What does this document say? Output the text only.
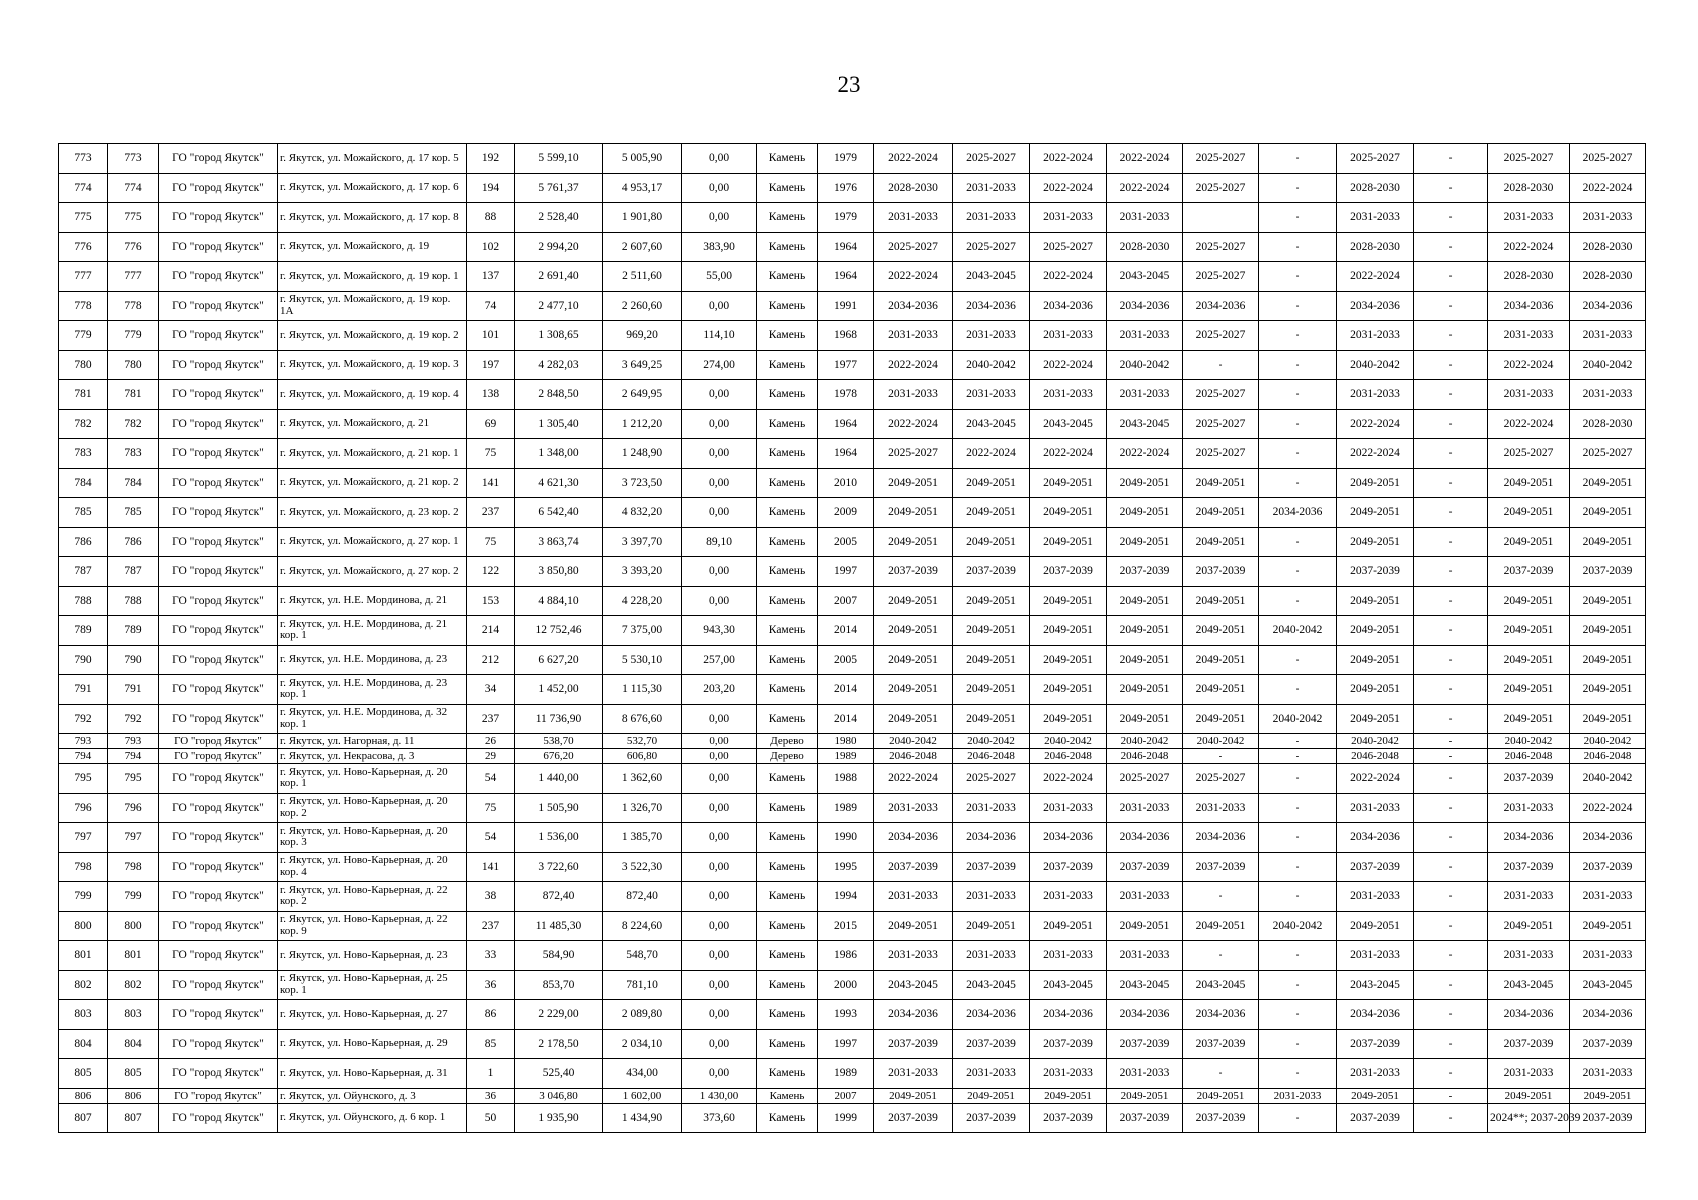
23
773	773	ГО "город Якутск"	г. Якутск, ул. Можайского, д. 17 кор. 5	192	5 599,10	5 005,90	0,00	Камень	1979	2022-2024	2025-2027	2022-2024	2022-2024	2025-2027	-	2025-2027	-	2025-2027	2025-2027
774	774	ГО "город Якутск"	г. Якутск, ул. Можайского, д. 17 кор. 6	194	5 761,37	4 953,17	0,00	Камень	1976	2028-2030	2031-2033	2022-2024	2022-2024	2025-2027	-	2028-2030	-	2028-2030	2022-2024
775	775	ГО "город Якутск"	г. Якутск, ул. Можайского, д. 17 кор. 8	88	2 528,40	1 901,80	0,00	Камень	1979	2031-2033	2031-2033	2031-2033	2031-2033		-	2031-2033	-	2031-2033	2031-2033
776	776	ГО "город Якутск"	г. Якутск, ул. Можайского, д. 19	102	2 994,20	2 607,60	383,90	Камень	1964	2025-2027	2025-2027	2025-2027	2028-2030	2025-2027	-	2028-2030	-	2022-2024	2028-2030
777	777	ГО "город Якутск"	г. Якутск, ул. Можайского, д. 19 кор. 1	137	2 691,40	2 511,60	55,00	Камень	1964	2022-2024	2043-2045	2022-2024	2043-2045	2025-2027	-	2022-2024	-	2028-2030	2028-2030
778	778	ГО "город Якутск"	г. Якутск, ул. Можайского, д. 19 кор. 1А	74	2 477,10	2 260,60	0,00	Камень	1991	2034-2036	2034-2036	2034-2036	2034-2036	2034-2036	-	2034-2036	-	2034-2036	2034-2036
779	779	ГО "город Якутск"	г. Якутск, ул. Можайского, д. 19 кор. 2	101	1 308,65	969,20	114,10	Камень	1968	2031-2033	2031-2033	2031-2033	2031-2033	2025-2027	-	2031-2033	-	2031-2033	2031-2033
780	780	ГО "город Якутск"	г. Якутск, ул. Можайского, д. 19 кор. 3	197	4 282,03	3 649,25	274,00	Камень	1977	2022-2024	2040-2042	2022-2024	2040-2042	-	-	2040-2042	-	2022-2024	2040-2042
781	781	ГО "город Якутск"	г. Якутск, ул. Можайского, д. 19 кор. 4	138	2 848,50	2 649,95	0,00	Камень	1978	2031-2033	2031-2033	2031-2033	2031-2033	2025-2027	-	2031-2033	-	2031-2033	2031-2033
782	782	ГО "город Якутск"	г. Якутск, ул. Можайского, д. 21	69	1 305,40	1 212,20	0,00	Камень	1964	2022-2024	2043-2045	2043-2045	2043-2045	2025-2027	-	2022-2024	-	2022-2024	2028-2030
783	783	ГО "город Якутск"	г. Якутск, ул. Можайского, д. 21 кор. 1	75	1 348,00	1 248,90	0,00	Камень	1964	2025-2027	2022-2024	2022-2024	2022-2024	2025-2027	-	2022-2024	-	2025-2027	2025-2027
784	784	ГО "город Якутск"	г. Якутск, ул. Можайского, д. 21 кор. 2	141	4 621,30	3 723,50	0,00	Камень	2010	2049-2051	2049-2051	2049-2051	2049-2051	2049-2051	-	2049-2051	-	2049-2051	2049-2051
785	785	ГО "город Якутск"	г. Якутск, ул. Можайского, д. 23 кор. 2	237	6 542,40	4 832,20	0,00	Камень	2009	2049-2051	2049-2051	2049-2051	2049-2051	2049-2051	2034-2036	2049-2051	-	2049-2051	2049-2051
786	786	ГО "город Якутск"	г. Якутск, ул. Можайского, д. 27 кор. 1	75	3 863,74	3 397,70	89,10	Камень	2005	2049-2051	2049-2051	2049-2051	2049-2051	2049-2051	-	2049-2051	-	2049-2051	2049-2051
787	787	ГО "город Якутск"	г. Якутск, ул. Можайского, д. 27 кор. 2	122	3 850,80	3 393,20	0,00	Камень	1997	2037-2039	2037-2039	2037-2039	2037-2039	2037-2039	-	2037-2039	-	2037-2039	2037-2039
788	788	ГО "город Якутск"	г. Якутск, ул. Н.Е. Мординова, д. 21	153	4 884,10	4 228,20	0,00	Камень	2007	2049-2051	2049-2051	2049-2051	2049-2051	2049-2051	-	2049-2051	-	2049-2051	2049-2051
789	789	ГО "город Якутск"	г. Якутск, ул. Н.Е. Мординова, д. 21 кор. 1	214	12 752,46	7 375,00	943,30	Камень	2014	2049-2051	2049-2051	2049-2051	2049-2051	2049-2051	2040-2042	2049-2051	-	2049-2051	2049-2051
790	790	ГО "город Якутск"	г. Якутск, ул. Н.Е. Мординова, д. 23	212	6 627,20	5 530,10	257,00	Камень	2005	2049-2051	2049-2051	2049-2051	2049-2051	2049-2051	-	2049-2051	-	2049-2051	2049-2051
791	791	ГО "город Якутск"	г. Якутск, ул. Н.Е. Мординова, д. 23 кор. 1	34	1 452,00	1 115,30	203,20	Камень	2014	2049-2051	2049-2051	2049-2051	2049-2051	2049-2051	-	2049-2051	-	2049-2051	2049-2051
792	792	ГО "город Якутск"	г. Якутск, ул. Н.Е. Мординова, д. 32 кор. 1	237	11 736,90	8 676,60	0,00	Камень	2014	2049-2051	2049-2051	2049-2051	2049-2051	2049-2051	2040-2042	2049-2051	-	2049-2051	2049-2051
793	793	ГО "город Якутск"	г. Якутск, ул. Нагорная, д. 11	26	538,70	532,70	0,00	Дерево	1980	2040-2042	2040-2042	2040-2042	2040-2042	2040-2042	-	2040-2042	-	2040-2042	2040-2042
794	794	ГО "город Якутск"	г. Якутск, ул. Некрасова, д. 3	29	676,20	606,80	0,00	Дерево	1989	2046-2048	2046-2048	2046-2048	2046-2048	-	-	2046-2048	-	2046-2048	2046-2048
795	795	ГО "город Якутск"	г. Якутск, ул. Ново-Карьерная, д. 20 кор. 1	54	1 440,00	1 362,60	0,00	Камень	1988	2022-2024	2025-2027	2022-2024	2025-2027	2025-2027	-	2022-2024	-	2037-2039	2040-2042
796	796	ГО "город Якутск"	г. Якутск, ул. Ново-Карьерная, д. 20 кор. 2	75	1 505,90	1 326,70	0,00	Камень	1989	2031-2033	2031-2033	2031-2033	2031-2033	2031-2033	-	2031-2033	-	2031-2033	2022-2024
797	797	ГО "город Якутск"	г. Якутск, ул. Ново-Карьерная, д. 20 кор. 3	54	1 536,00	1 385,70	0,00	Камень	1990	2034-2036	2034-2036	2034-2036	2034-2036	2034-2036	-	2034-2036	-	2034-2036	2034-2036
798	798	ГО "город Якутск"	г. Якутск, ул. Ново-Карьерная, д. 20 кор. 4	141	3 722,60	3 522,30	0,00	Камень	1995	2037-2039	2037-2039	2037-2039	2037-2039	2037-2039	-	2037-2039	-	2037-2039	2037-2039
799	799	ГО "город Якутск"	г. Якутск, ул. Ново-Карьерная, д. 22 кор. 2	38	872,40	872,40	0,00	Камень	1994	2031-2033	2031-2033	2031-2033	2031-2033	-	-	2031-2033	-	2031-2033	2031-2033
800	800	ГО "город Якутск"	г. Якутск, ул. Ново-Карьерная, д. 22 кор. 9	237	11 485,30	8 224,60	0,00	Камень	2015	2049-2051	2049-2051	2049-2051	2049-2051	2049-2051	2040-2042	2049-2051	-	2049-2051	2049-2051
801	801	ГО "город Якутск"	г. Якутск, ул. Ново-Карьерная, д. 23	33	584,90	548,70	0,00	Камень	1986	2031-2033	2031-2033	2031-2033	2031-2033	-	-	2031-2033	-	2031-2033	2031-2033
802	802	ГО "город Якутск"	г. Якутск, ул. Ново-Карьерная, д. 25 кор. 1	36	853,70	781,10	0,00	Камень	2000	2043-2045	2043-2045	2043-2045	2043-2045	2043-2045	-	2043-2045	-	2043-2045	2043-2045
803	803	ГО "город Якутск"	г. Якутск, ул. Ново-Карьерная, д. 27	86	2 229,00	2 089,80	0,00	Камень	1993	2034-2036	2034-2036	2034-2036	2034-2036	2034-2036	-	2034-2036	-	2034-2036	2034-2036
804	804	ГО "город Якутск"	г. Якутск, ул. Ново-Карьерная, д. 29	85	2 178,50	2 034,10	0,00	Камень	1997	2037-2039	2037-2039	2037-2039	2037-2039	2037-2039	-	2037-2039	-	2037-2039	2037-2039
805	805	ГО "город Якутск"	г. Якутск, ул. Ново-Карьерная, д. 31	1	525,40	434,00	0,00	Камень	1989	2031-2033	2031-2033	2031-2033	2031-2033	-	-	2031-2033	-	2031-2033	2031-2033
806	806	ГО "город Якутск"	г. Якутск, ул. Ойунского, д. 3	36	3 046,80	1 602,00	1 430,00	Камень	2007	2049-2051	2049-2051	2049-2051	2049-2051	2049-2051	2031-2033	2049-2051	-	2049-2051	2049-2051
807	807	ГО "город Якутск"	г. Якутск, ул. Ойунского, д. 6 кор. 1	50	1 935,90	1 434,90	373,60	Камень	1999	2037-2039	2037-2039	2037-2039	2037-2039	2037-2039	-	2037-2039	-	2024**; 2037-2039	2037-2039
